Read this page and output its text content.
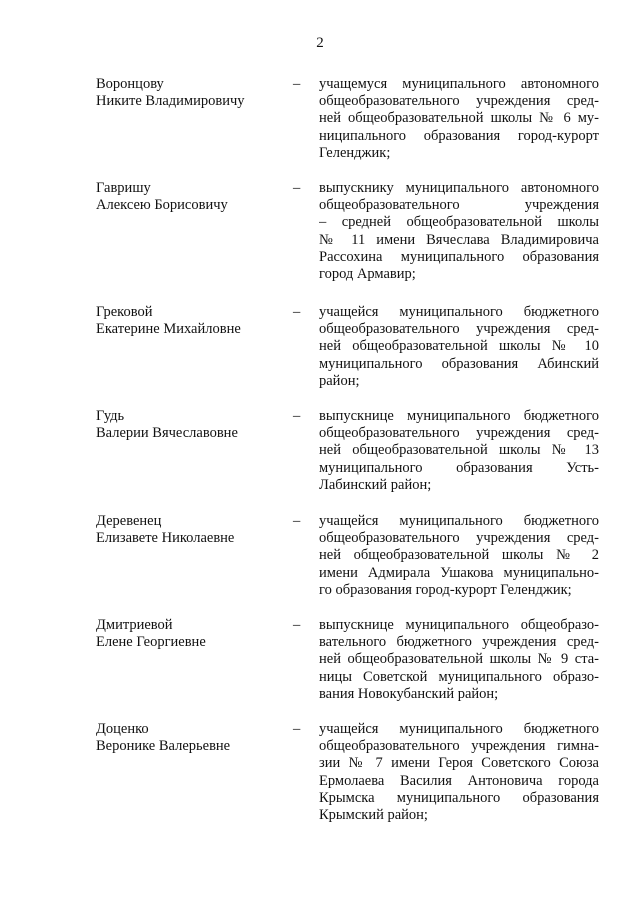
2
Воронцову
Никите Владимировичу
– учащемуся муниципального автономного
общеобразовательного учреждения сред-
ней общеобразовательной школы № 6 му-
ниципального образования город-курорт
Геленджик;
Гавришу
Алексею Борисовичу
– выпускнику муниципального автономного
общеобразовательного учреждения
– средней общеобразовательной школы
№ 11 имени Вячеслава Владимировича
Рассохина муниципального образования
город Армавир;
Грековой
Екатерине Михайловне
– учащейся муниципального бюджетного
общеобразовательного учреждения сред-
ней общеобразовательной школы № 10
муниципального образования Абинский
район;
Гудь
Валерии Вячеславовне
– выпускнице муниципального бюджетного
общеобразовательного учреждения сред-
ней общеобразовательной школы № 13
муниципального образования Усть-
Лабинский район;
Деревенец
Елизавете Николаевне
– учащейся муниципального бюджетного
общеобразовательного учреждения сред-
ней общеобразовательной школы № 2
имени Адмирала Ушакова муниципально-
го образования город-курорт Геленджик;
Дмитриевой
Елене Георгиевне
– выпускнице муниципального общеобразо-
вательного бюджетного учреждения сред-
ней общеобразовательной школы № 9 ста-
ницы Советской муниципального образо-
вания Новокубанский район;
Доценко
Веронике Валерьевне
– учащейся муниципального бюджетного
общеобразовательного учреждения гимна-
зии № 7 имени Героя Советского Союза
Ермолаева Василия Антоновича города
Крымска муниципального образования
Крымский район;
